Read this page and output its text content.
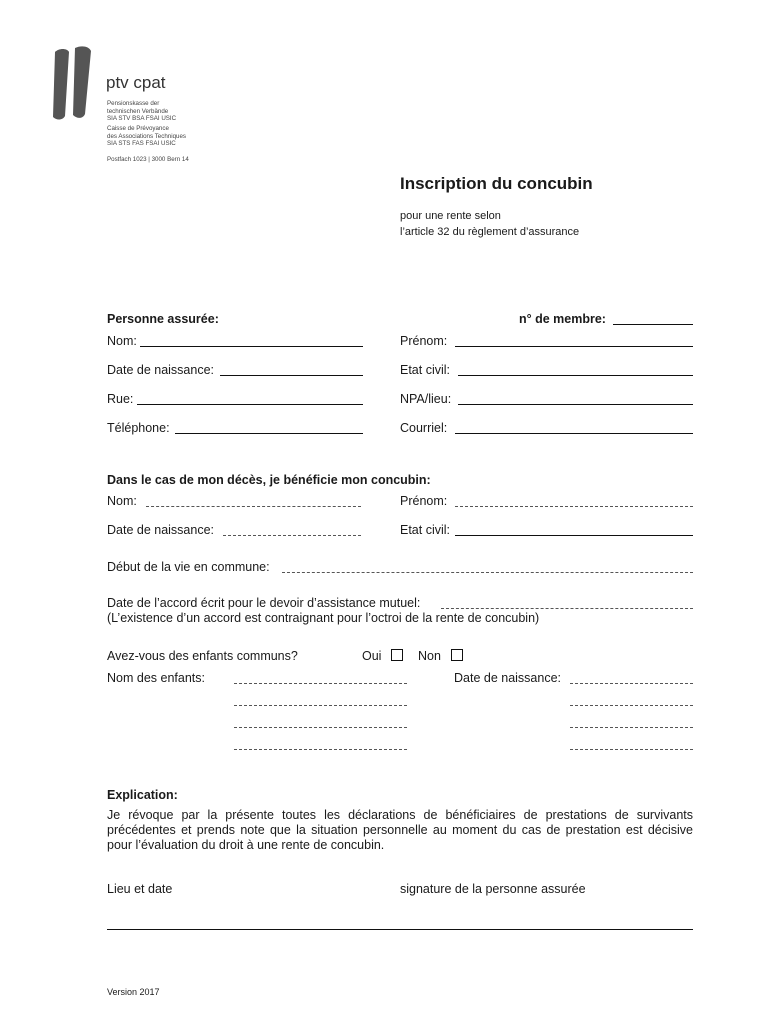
ptv cpat
Pensionskasse der
technischen Verbände
SIA STV BSA FSAI USIC
Caisse de Prévoyance
des Associations Techniques
SIA STS FAS FSAI USIC
Postfach 1023 | 3000 Bern 14
Inscription du concubin
pour une rente selon
l’article 32 du règlement d’assurance
Personne assurée:	n° de membre:
Nom:	Prénom:
Date de naissance:	Etat civil:
Rue:	NPA/lieu:
Téléphone:	Courriel:
Dans le cas de mon décès, je bénéficie mon concubin:
Nom:	Prénom:
Date de naissance:	Etat civil:
Début de la vie en commune:
Date de l’accord écrit pour le devoir d’assistance mutuel:
(L’existence d’un accord est contraignant pour l’octroi de la rente de concubin)
Avez-vous des enfants communs?	Oui	Non
Nom des enfants:	Date de naissance:
Explication:
Je révoque par la présente toutes les déclarations de bénéficiaires de prestations de survivants précédentes et prends note que la situation personnelle au moment du cas de prestation est décisive pour l’évaluation du droit à une rente de concubin.
Lieu et date	signature de la personne assurée
Version 2017
